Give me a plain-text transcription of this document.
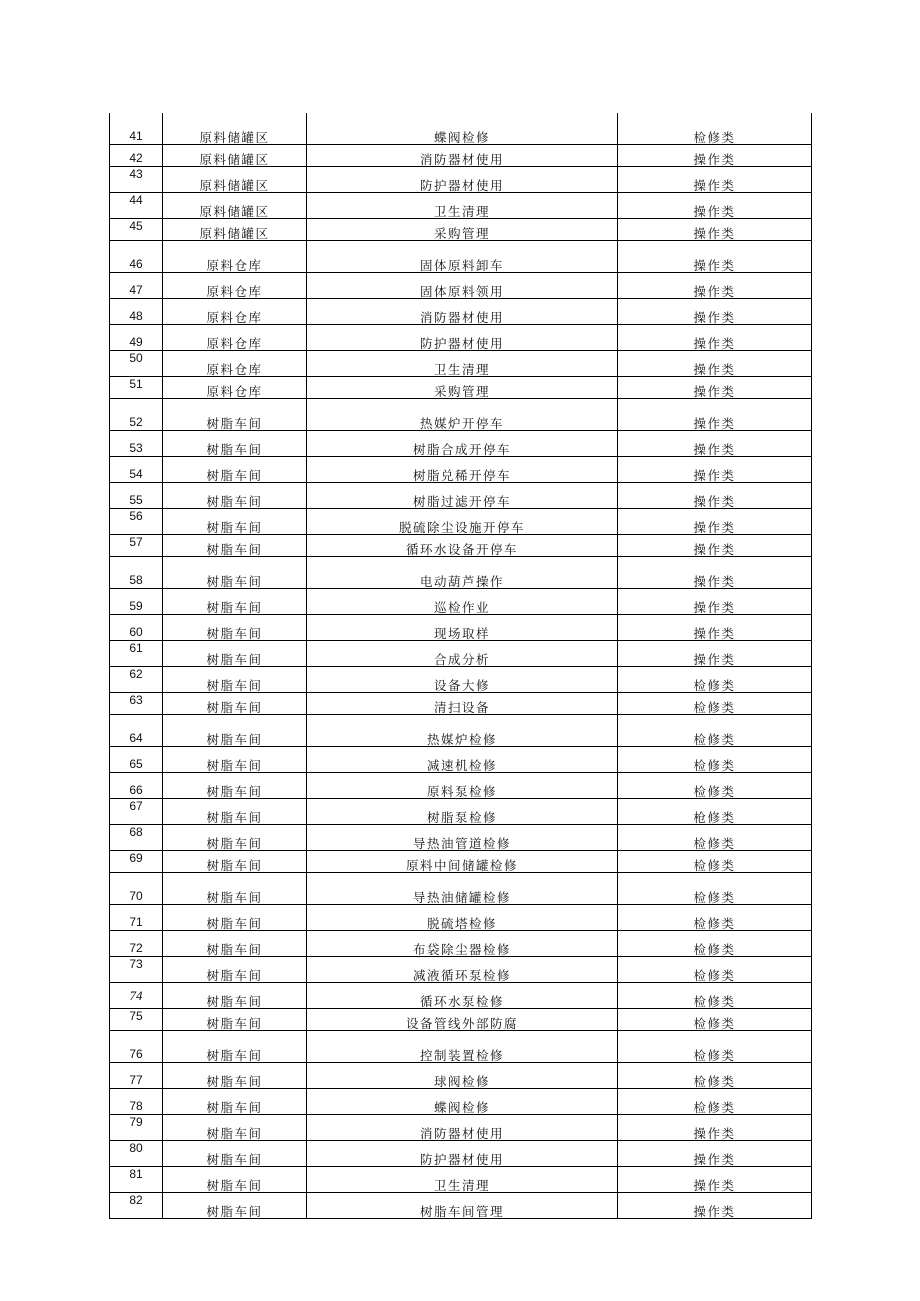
41	原料储罐区	蝶阀检修	检修类
42	原料储罐区	消防器材使用	操作类
43	原料储罐区	防护器材使用	操作类
44	原料储罐区	卫生清理	操作类
45	原料储罐区	采购管理	操作类
46	原料仓库	固体原料卸车	操作类
47	原料仓库	固体原料领用	操作类
48	原料仓库	消防器材使用	操作类
49	原料仓库	防护器材使用	操作类
50	原料仓库	卫生清理	操作类
51	原料仓库	采购管理	操作类
52	树脂车间	热媒炉开停车	操作类
53	树脂车间	树脂合成开停车	操作类
54	树脂车间	树脂兑稀开停车	操作类
55	树脂车间	树脂过滤开停车	操作类
56	树脂车间	脱硫除尘设施开停车	操作类
57	树脂车间	循环水设备开停车	操作类
58	树脂车间	电动葫芦操作	操作类
59	树脂车间	巡检作业	操作类
60	树脂车间	现场取样	操作类
61	树脂车间	合成分析	操作类
62	树脂车间	设备大修	检修类
63	树脂车间	清扫设备	检修类
64	树脂车间	热媒炉检修	检修类
65	树脂车间	减速机检修	检修类
66	树脂车间	原料泵检修	检修类
67	树脂车间	树脂泵检修	枪修类
68	树脂车间	导热油管道检修	检修类
69	树脂车间	原料中间储罐检修	检修类
70	树脂车间	导热油储罐检修	检修类
71	树脂车间	脱硫塔检修	检修类
72	树脂车间	布袋除尘器检修	检修类
73	树脂车间	减液循环泵检修	检修类
74	树脂车间	循环水泵检修	检修类
75	树脂车间	设备管线外部防腐	检修类
76	树脂车间	控制装置检修	检修类
77	树脂车间	球阀检修	检修类
78	树脂车间	蝶阀检修	检修类
79	树脂车间	消防器材使用	操作类
80	树脂车间	防护器材使用	操作类
81	树脂车间	卫生清理	操作类
82	树脂车间	树脂车间管理	操作类
